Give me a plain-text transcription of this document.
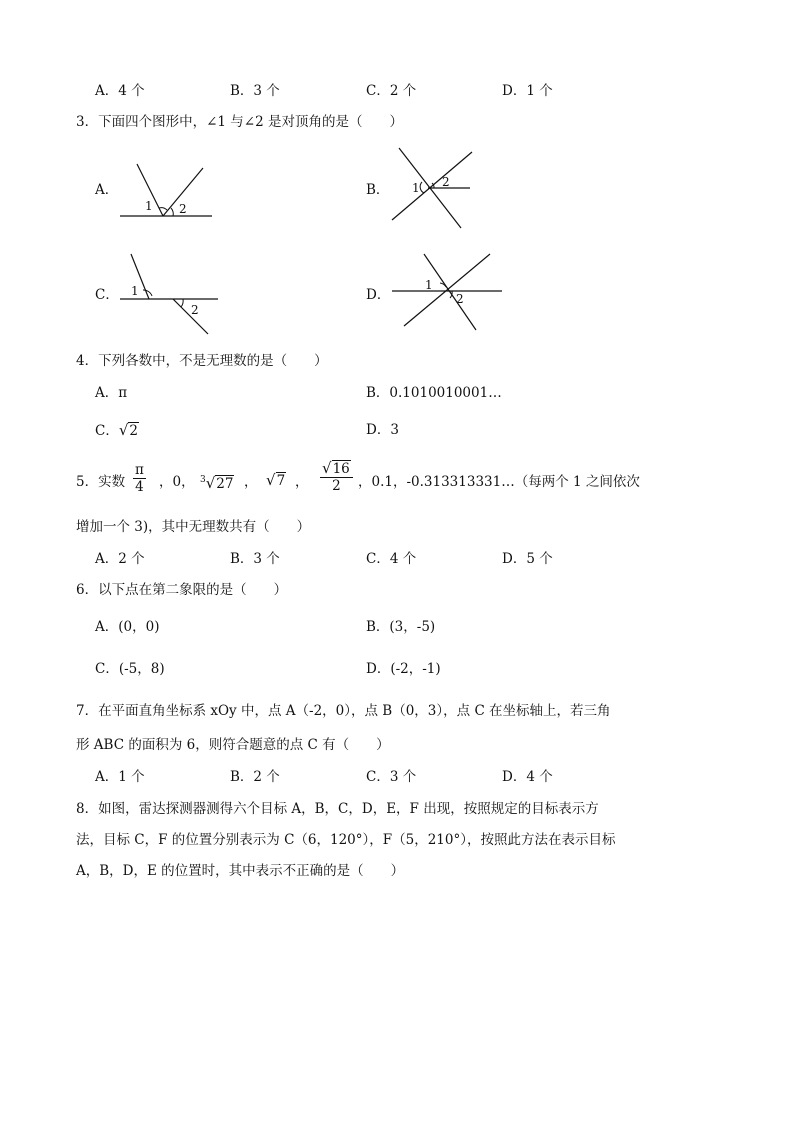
A．4 个	B．3 个	C．2 个	D．1 个
3．下面四个图形中，∠1 与∠2 是对顶角的是（　　）
A．
1 2
B． 1 2
C． 1
2
D．
1
2
4．下列各数中，不是无理数的是（　　）
A．π	B．0.1010010001…
C．√2	D．3
5．实数 $\frac{\pi}{4}$ ，0， $^3$√27 ， √7 ， $\frac{√16}{2}$ ，0.1，-0.313313331…（每两个 1 之间依次
增加一个 3)，其中无理数共有（　　）
A．2 个	B．3 个	C．4 个	D．5 个
6．以下点在第二象限的是（　　）
A．(0，0)	B．(3，-5)
C．(-5，8)	D．(-2，-1)
7．在平面直角坐标系 xOy 中，点 A（-2，0），点 B（0，3），点 C 在坐标轴上，若三角
形 ABC 的面积为 6，则符合题意的点 C 有（　　）
A．1 个	B．2 个	C．3 个	D．4 个
8．如图，雷达探测器测得六个目标 A，B，C，D，E，F 出现，按照规定的目标表示方
法，目标 C，F 的位置分别表示为 C（6，120°），F（5，210°），按照此方法在表示目标
A，B，D，E 的位置时，其中表示不正确的是（　　）
